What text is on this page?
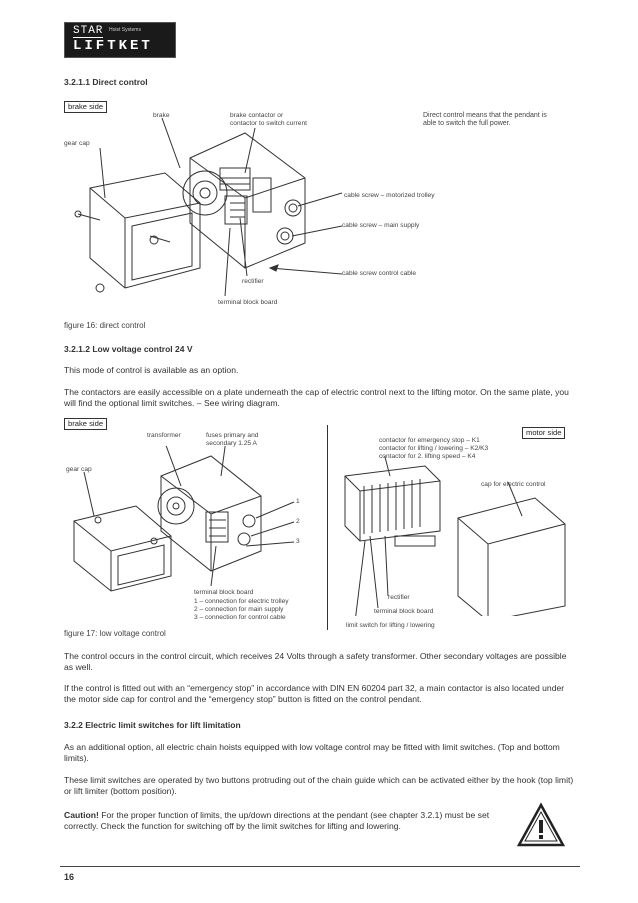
STAR Hoist Systems
LIFTKET
3.2.1.1 Direct control
brake side
brake	brake contactor or
contactor to switch current
Direct control means that the pendant is
able to switch the full power.
gear cap
cable screw – motorized trolley
cable screw – main supply
cable screw control cable
rectifier
terminal block board
figure 16: direct control
3.2.1.2 Low voltage control 24 V
This mode of control is available as an option.
The contactors are easily accessible on a plate underneath the cap of electric control next to the lifting motor. On the same plate, you will find the optional limit switches. – See wiring diagram.
brake side
motor side
transformer	fuses primary and
secondary 1.25 A
gear cap
1
2
3
terminal block board
1 – connection for electric trolley
2 – connection for main supply
3 – connection for control cable
contactor for emergency stop – K1
contactor for lifting / lowering – K2/K3
contactor for 2. lifting speed – K4
cap for electric control
rectifier
terminal block board
limit switch for lifting / lowering
figure 17: low voltage control
The control occurs in the control circuit, which receives 24 Volts through a safety transformer. Other secondary voltages are possible as well.
If the control is fitted out with an “emergency stop” in accordance with DIN EN 60204 part 32, a main contactor is also located under the motor side cap for control and the “emergency stop” button is fitted on the control pendant.
3.2.2 Electric limit switches for lift limitation
As an additional option, all electric chain hoists equipped with low voltage control may be fitted with limit switches. (Top and bottom limits).
These limit switches are operated by two buttons protruding out of the chain guide which can be activated either by the hook (top limit) or lift limiter (bottom position).
Caution! For the proper function of limits, the up/down directions at the pendant (see chapter 3.2.1) must be set correctly. Check the function for switching off by the limit switches for lifting and lowering.
16
